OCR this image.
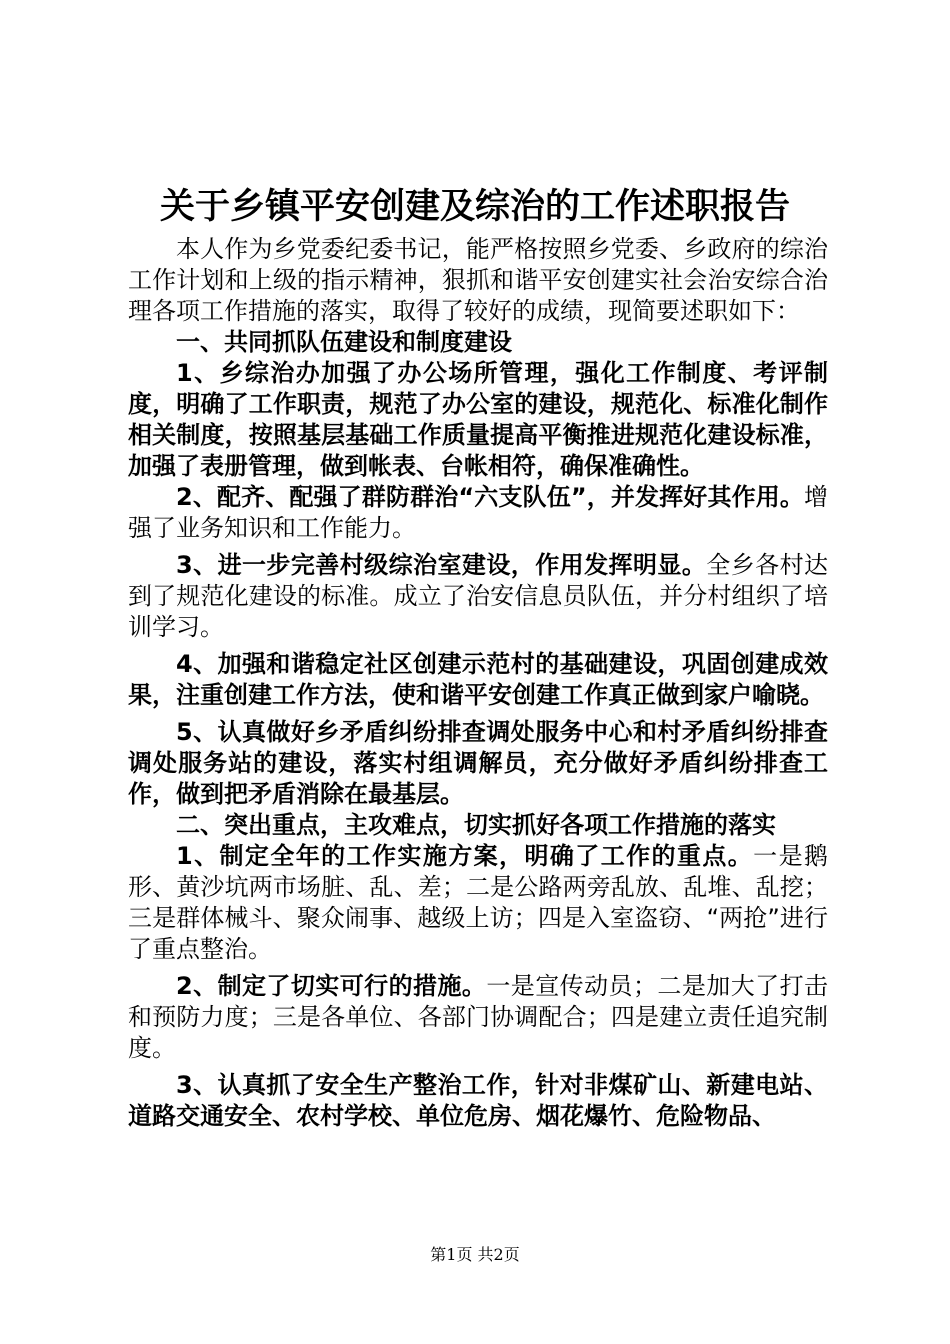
关于乡镇平安创建及综治的工作述职报告

本人作为乡党委纪委书记，能严格按照乡党委、乡政府的综治工作计划和上级的指示精神，狠抓和谐平安创建实社会治安综合治理各项工作措施的落实，取得了较好的成绩，现简要述职如下：

一、共同抓队伍建设和制度建设

1、乡综治办加强了办公场所管理，强化工作制度、考评制度，明确了工作职责，规范了办公室的建设，规范化、标准化制作相关制度，按照基层基础工作质量提高平衡推进规范化建设标准，加强了表册管理，做到帐表、台帐相符，确保准确性。

2、配齐、配强了群防群治“六支队伍”，并发挥好其作用。增强了业务知识和工作能力。

3、进一步完善村级综治室建设，作用发挥明显。全乡各村达到了规范化建设的标准。成立了治安信息员队伍，并分村组织了培训学习。

4、加强和谐稳定社区创建示范村的基础建设，巩固创建成效果，注重创建工作方法，使和谐平安创建工作真正做到家户喻晓。

5、认真做好乡矛盾纠纷排查调处服务中心和村矛盾纠纷排查调处服务站的建设，落实村组调解员，充分做好矛盾纠纷排查工作，做到把矛盾消除在最基层。

二、突出重点，主攻难点，切实抓好各项工作措施的落实

1、制定全年的工作实施方案，明确了工作的重点。一是鹅形、黄沙坑两市场脏、乱、差；二是公路两旁乱放、乱堆、乱挖；三是群体械斗、聚众闹事、越级上访；四是入室盗窃、“两抢”进行了重点整治。

2、制定了切实可行的措施。一是宣传动员；二是加大了打击和预防力度；三是各单位、各部门协调配合；四是建立责任追究制度。

3、认真抓了安全生产整治工作，针对非煤矿山、新建电站、道路交通安全、农村学校、单位危房、烟花爆竹、危险物品、

第1页 共2页
